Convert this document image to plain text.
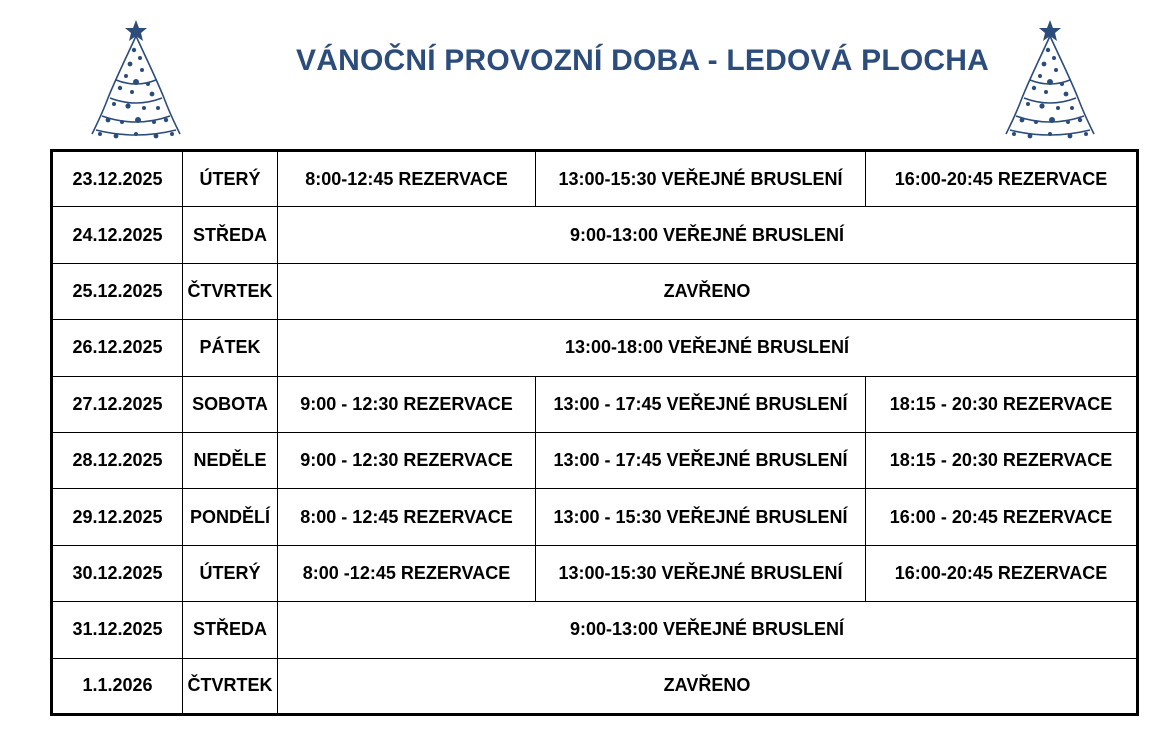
VÁNOČNÍ PROVOZNÍ DOBA - LEDOVÁ PLOCHA
23.12.2025	ÚTERÝ	8:00-12:45 REZERVACE	13:00-15:30 VEŘEJNÉ BRUSLENÍ	16:00-20:45 REZERVACE
24.12.2025	STŘEDA	9:00-13:00 VEŘEJNÉ BRUSLENÍ		
25.12.2025	ČTVRTEK	ZAVŘENO		
26.12.2025	PÁTEK	13:00-18:00 VEŘEJNÉ BRUSLENÍ		
27.12.2025	SOBOTA	9:00 - 12:30 REZERVACE	13:00 - 17:45 VEŘEJNÉ BRUSLENÍ	18:15 - 20:30 REZERVACE
28.12.2025	NEDĚLE	9:00 - 12:30 REZERVACE	13:00 - 17:45 VEŘEJNÉ BRUSLENÍ	18:15 - 20:30 REZERVACE
29.12.2025	PONDĚLÍ	8:00 - 12:45 REZERVACE	13:00 - 15:30 VEŘEJNÉ BRUSLENÍ	16:00 - 20:45 REZERVACE
30.12.2025	ÚTERÝ	8:00 -12:45 REZERVACE	13:00-15:30 VEŘEJNÉ BRUSLENÍ	16:00-20:45 REZERVACE
31.12.2025	STŘEDA	9:00-13:00 VEŘEJNÉ BRUSLENÍ		
1.1.2026	ČTVRTEK	ZAVŘENO		
